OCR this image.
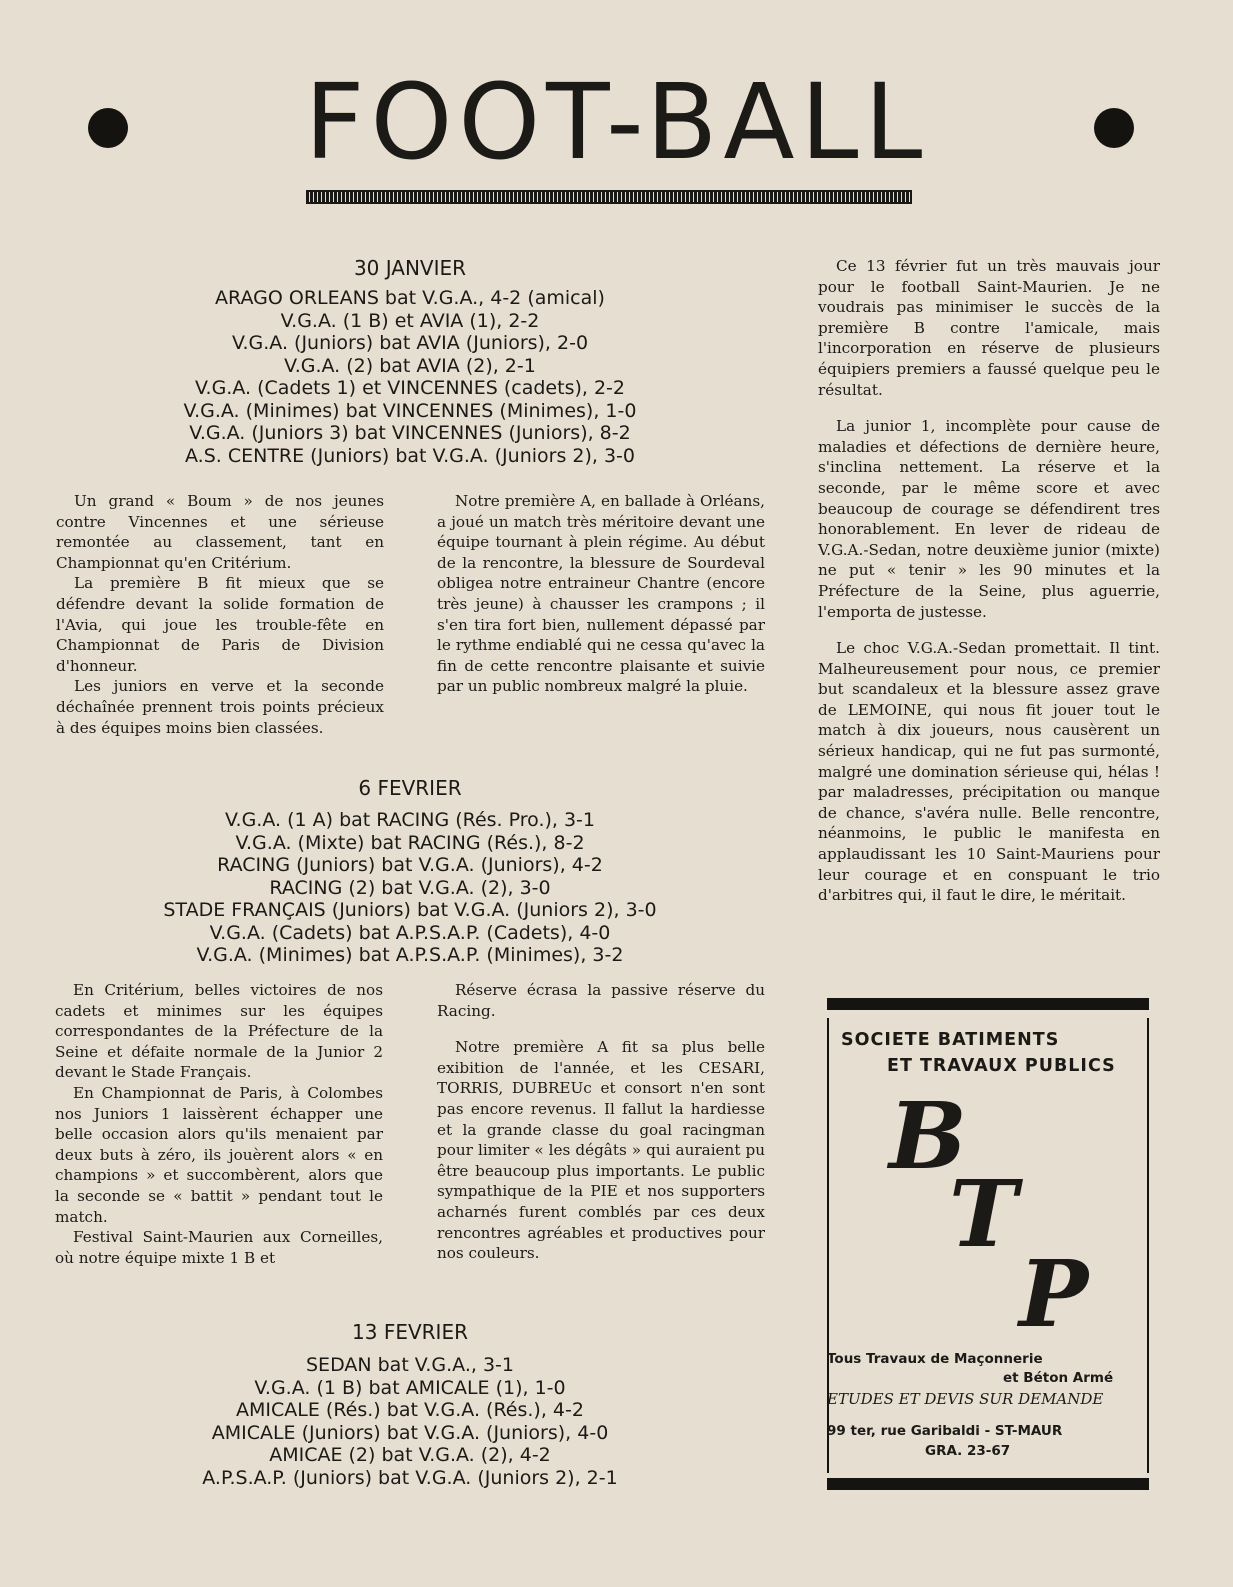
FOOT-BALL
30 JANVIER
ARAGO ORLEANS bat V.G.A., 4-2 (amical)
V.G.A. (1 B) et AVIA (1), 2-2
V.G.A. (Juniors) bat AVIA (Juniors), 2-0
V.G.A. (2) bat AVIA (2), 2-1
V.G.A. (Cadets 1) et VINCENNES (cadets), 2-2
V.G.A. (Minimes) bat VINCENNES (Minimes), 1-0
V.G.A. (Juniors 3) bat VINCENNES (Juniors), 8-2
A.S. CENTRE (Juniors) bat V.G.A. (Juniors 2), 3-0

Un grand « Boum » de nos jeunes contre Vincennes et une sérieuse remontée au classement, tant en Championnat qu'en Critérium.

La première B fit mieux que se défendre devant la solide formation de l'Avia, qui joue les trouble-fête en Championnat de Paris de Division d'honneur.

Les juniors en verve et la seconde déchaînée prennent trois points précieux à des équipes moins bien classées.

Notre première A, en ballade à Orléans, a joué un match très méritoire devant une équipe tournant à plein régime. Au début de la rencontre, la blessure de Sourdeval obligea notre entraineur Chantre (encore très jeune) à chausser les crampons ; il s'en tira fort bien, nullement dépassé par le rythme endiablé qui ne cessa qu'avec la fin de cette rencontre plaisante et suivie par un public nombreux malgré la pluie.

6 FEVRIER
V.G.A. (1 A) bat RACING (Rés. Pro.), 3-1
V.G.A. (Mixte) bat RACING (Rés.), 8-2
RACING (Juniors) bat V.G.A. (Juniors), 4-2
RACING (2) bat V.G.A. (2), 3-0
STADE FRANÇAIS (Juniors) bat V.G.A. (Juniors 2), 3-0
V.G.A. (Cadets) bat A.P.S.A.P. (Cadets), 4-0
V.G.A. (Minimes) bat A.P.S.A.P. (Minimes), 3-2

En Critérium, belles victoires de nos cadets et minimes sur les équipes correspondantes de la Préfecture de la Seine et défaite normale de la Junior 2 devant le Stade Français.

En Championnat de Paris, à Colombes nos Juniors 1 laissèrent échapper une belle occasion alors qu'ils menaient par deux buts à zéro, ils jouèrent alors « en champions » et succombèrent, alors que la seconde se « battit » pendant tout le match.

Festival Saint-Maurien aux Corneilles, où notre équipe mixte 1 B et

Réserve écrasa la passive réserve du Racing.

Notre première A fit sa plus belle exibition de l'année, et les CESARI, TORRIS, DUBREUc et consort n'en sont pas encore revenus. Il fallut la hardiesse et la grande classe du goal racingman pour limiter « les dégâts » qui auraient pu être beaucoup plus importants. Le public sympathique de la PIE et nos supporters acharnés furent comblés par ces deux rencontres agréables et productives pour nos couleurs.

13 FEVRIER
SEDAN bat V.G.A., 3-1
V.G.A. (1 B) bat AMICALE (1), 1-0
AMICALE (Rés.) bat V.G.A. (Rés.), 4-2
AMICALE (Juniors) bat V.G.A. (Juniors), 4-0
AMICAE (2) bat V.G.A. (2), 4-2
A.P.S.A.P. (Juniors) bat V.G.A. (Juniors 2), 2-1

Ce 13 février fut un très mauvais jour pour le football Saint-Maurien. Je ne voudrais pas minimiser le succès de la première B contre l'amicale, mais l'incorporation en réserve de plusieurs équipiers premiers a faussé quelque peu le résultat.

La junior 1, incomplète pour cause de maladies et défections de dernière heure, s'inclina nettement. La réserve et la seconde, par le même score et avec beaucoup de courage se défendirent tres honorablement. En lever de rideau de V.G.A.-Sedan, notre deuxième junior (mixte) ne put « tenir » les 90 minutes et la Préfecture de la Seine, plus aguerrie, l'emporta de justesse.

Le choc V.G.A.-Sedan promettait. Il tint. Malheureusement pour nous, ce premier but scandaleux et la blessure assez grave de LEMOINE, qui nous fit jouer tout le match à dix joueurs, nous causèrent un sérieux handicap, qui ne fut pas surmonté, malgré une domination sérieuse qui, hélas ! par maladresses, précipitation ou manque de chance, s'avéra nulle. Belle rencontre, néanmoins, le public le manifesta en applaudissant les 10 Saint-Mauriens pour leur courage et en conspuant le trio d'arbitres qui, il faut le dire, le méritait.

SOCIETE BATIMENTS
ET TRAVAUX PUBLICS
B
T
P
Tous Travaux de Maçonnerie
et Béton Armé
ETUDES ET DEVIS SUR DEMANDE
99 ter, rue Garibaldi - ST-MAUR
GRA. 23-67
